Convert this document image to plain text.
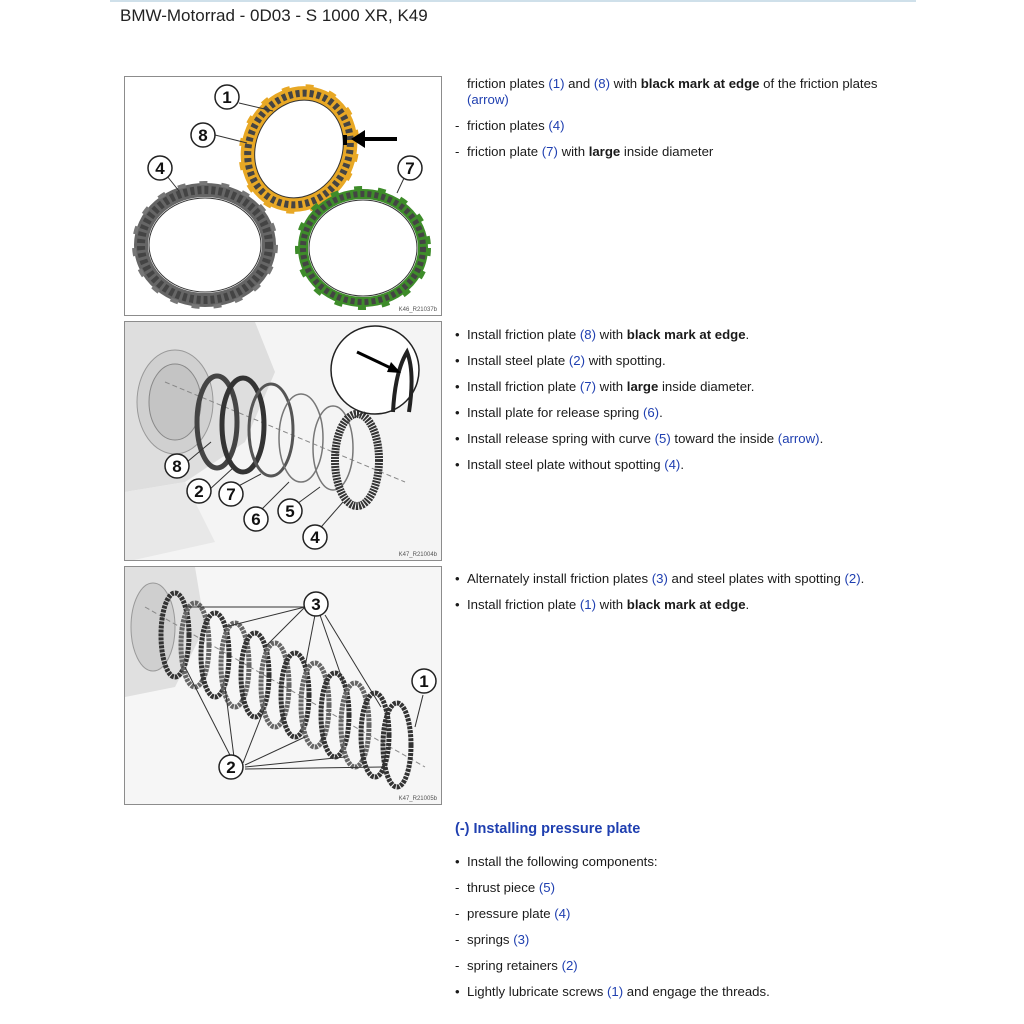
BMW-Motorrad - 0D03 - S 1000 XR, K49
1
8
4	7
K46_R21037b
8
2 7
6 5
4
K47_R21004b
3
1
2
K47_R21005b
friction plates (1) and (8) with black mark at edge of the friction plates (arrow)
- friction plates (4)
- friction plate (7) with large inside diameter
• Install friction plate (8) with black mark at edge.
• Install steel plate (2) with spotting.
• Install friction plate (7) with large inside diameter.
• Install plate for release spring (6).
• Install release spring with curve (5) toward the inside (arrow).
• Install steel plate without spotting (4).
• Alternately install friction plates (3) and steel plates with spotting (2).
• Install friction plate (1) with black mark at edge.
(-) Installing pressure plate
• Install the following components:
- thrust piece (5)
- pressure plate (4)
- springs (3)
- spring retainers (2)
• Lightly lubricate screws (1) and engage the threads.
